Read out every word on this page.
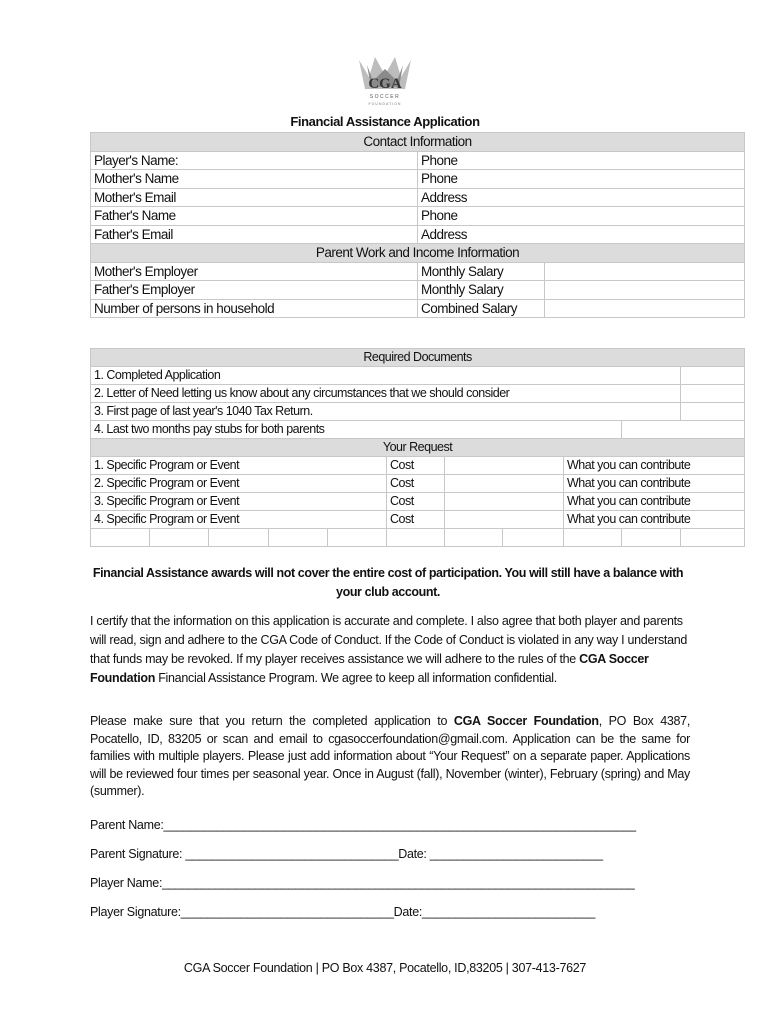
CGA
SOCCER
FOUNDATION
Financial Assistance Application
Contact Information		
Player's Name:	Phone	
Mother's Name	Phone	
Mother's Email	Address	
Father's Name	Phone	
Father's Email	Address	
Parent Work and Income Information		
Mother's Employer	Monthly Salary	
Father's Employer	Monthly Salary	
Number of persons in household	Combined Salary	
Required Documents										
1. Completed Application										
2. Letter of Need letting us know about any circumstances that we should consider										
3. First page of last year's 1040 Tax Return.										
4. Last two months pay stubs for both parents										
Your Request										
1. Specific Program or Event					Cost			What you can contribute		
2. Specific Program or Event					Cost			What you can contribute		
3. Specific Program or Event					Cost			What you can contribute		
4. Specific Program or Event					Cost			What you can contribute		

Financial Assistance awards will not cover the entire cost of participation. You will still have a balance with your club account.

I certify that the information on this application is accurate and complete. I also agree that both player and parents will read, sign and adhere to the CGA Code of Conduct. If the Code of Conduct is violated in any way I understand that funds may be revoked. If my player receives assistance we will adhere to the rules of the CGA Soccer Foundation Financial Assistance Program. We agree to keep all information confidential.

Please make sure that you return the completed application to CGA Soccer Foundation, PO Box 4387, Pocatello, ID, 83205 or scan and email to cgasoccerfoundation@gmail.com. Application can be the same for families with multiple players. Please just add information about “Your Request” on a separate paper. Applications will be reviewed four times per seasonal year. Once in August (fall), November (winter), February (spring) and May (summer).

Parent Name:_______________________________________________________________________
Parent Signature: ________________________________Date: __________________________
Player Name:_______________________________________________________________________
Player Signature:________________________________Date:__________________________
CGA Soccer Foundation | PO Box 4387, Pocatello, ID,83205 | 307-413-7627
